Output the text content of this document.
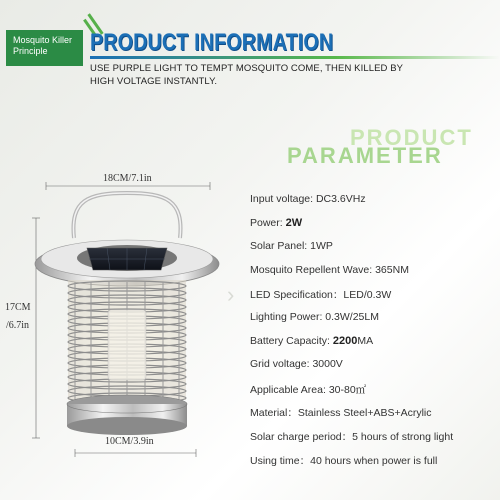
Mosquito Killer Principle	PRODUCT INFORMATION
USE PURPLE LIGHT TO TEMPT MOSQUITO COME, THEN KILLED BY HIGH VOLTAGE INSTANTLY.
PRODUCT
PARAMETER
18CM/7.1in
17CM
/6.7in
10CM/3.9in
›
Input voltage: DC3.6VHz
Power: 2W
Solar Panel: 1WP
Mosquito Repellent Wave: 365NM
LED Specification：LED/0.3W
Lighting Power: 0.3W/25LM
Battery Capacity: 2200MA
Grid voltage: 3000V
Applicable Area: 30-80㎡
Material：Stainless Steel+ABS+Acrylic
Solar charge period：5 hours of strong light
Using time：40 hours when power is full
